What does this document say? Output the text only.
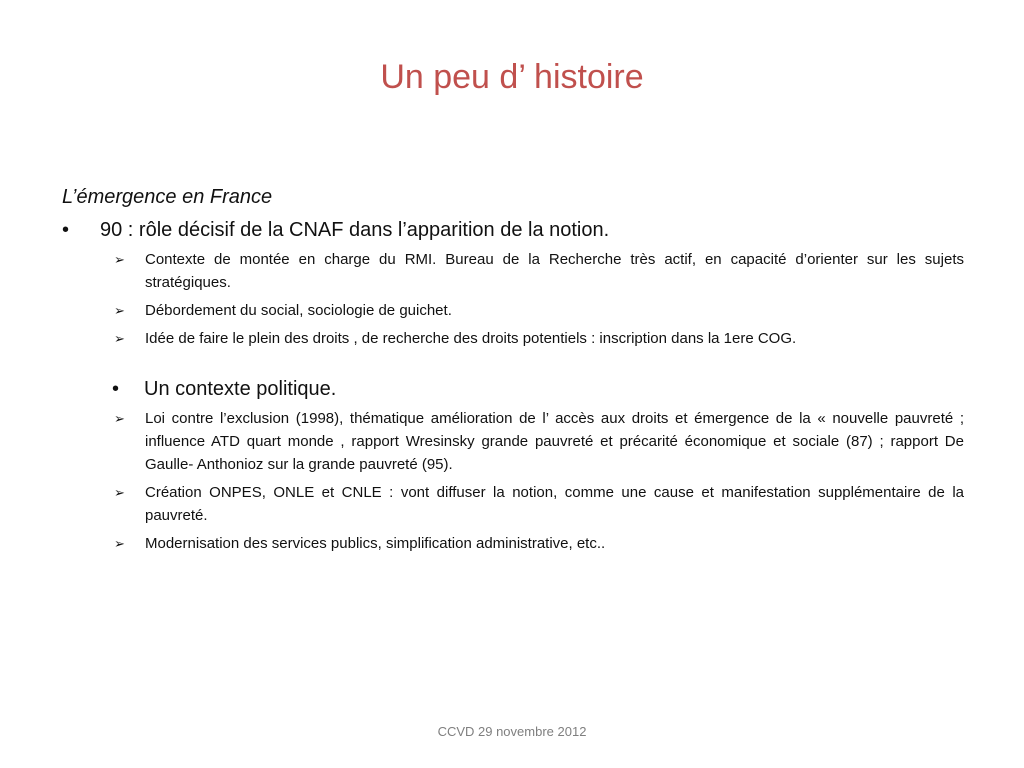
Un peu d’ histoire

L’émergence en France

• 90 : rôle décisif de la CNAF dans l’apparition de la notion.

➢ Contexte de montée en charge du RMI. Bureau de la Recherche très actif, en capacité d’orienter sur les sujets stratégiques.

➢ Débordement du social, sociologie de guichet.

➢ Idée de faire le plein des droits , de recherche des droits potentiels : inscription dans la 1ere COG.

• Un contexte politique.

➢ Loi contre l’exclusion (1998), thématique amélioration de l’ accès aux droits et émergence de la « nouvelle pauvreté ; influence ATD quart monde , rapport Wresinsky grande pauvreté et précarité économique et sociale (87) ; rapport De Gaulle- Anthonioz sur la grande pauvreté (95).

➢ Création ONPES, ONLE et CNLE : vont diffuser la notion, comme une cause et manifestation supplémentaire de la pauvreté.

➢ Modernisation des services publics, simplification administrative, etc..

CCVD 29 novembre 2012
